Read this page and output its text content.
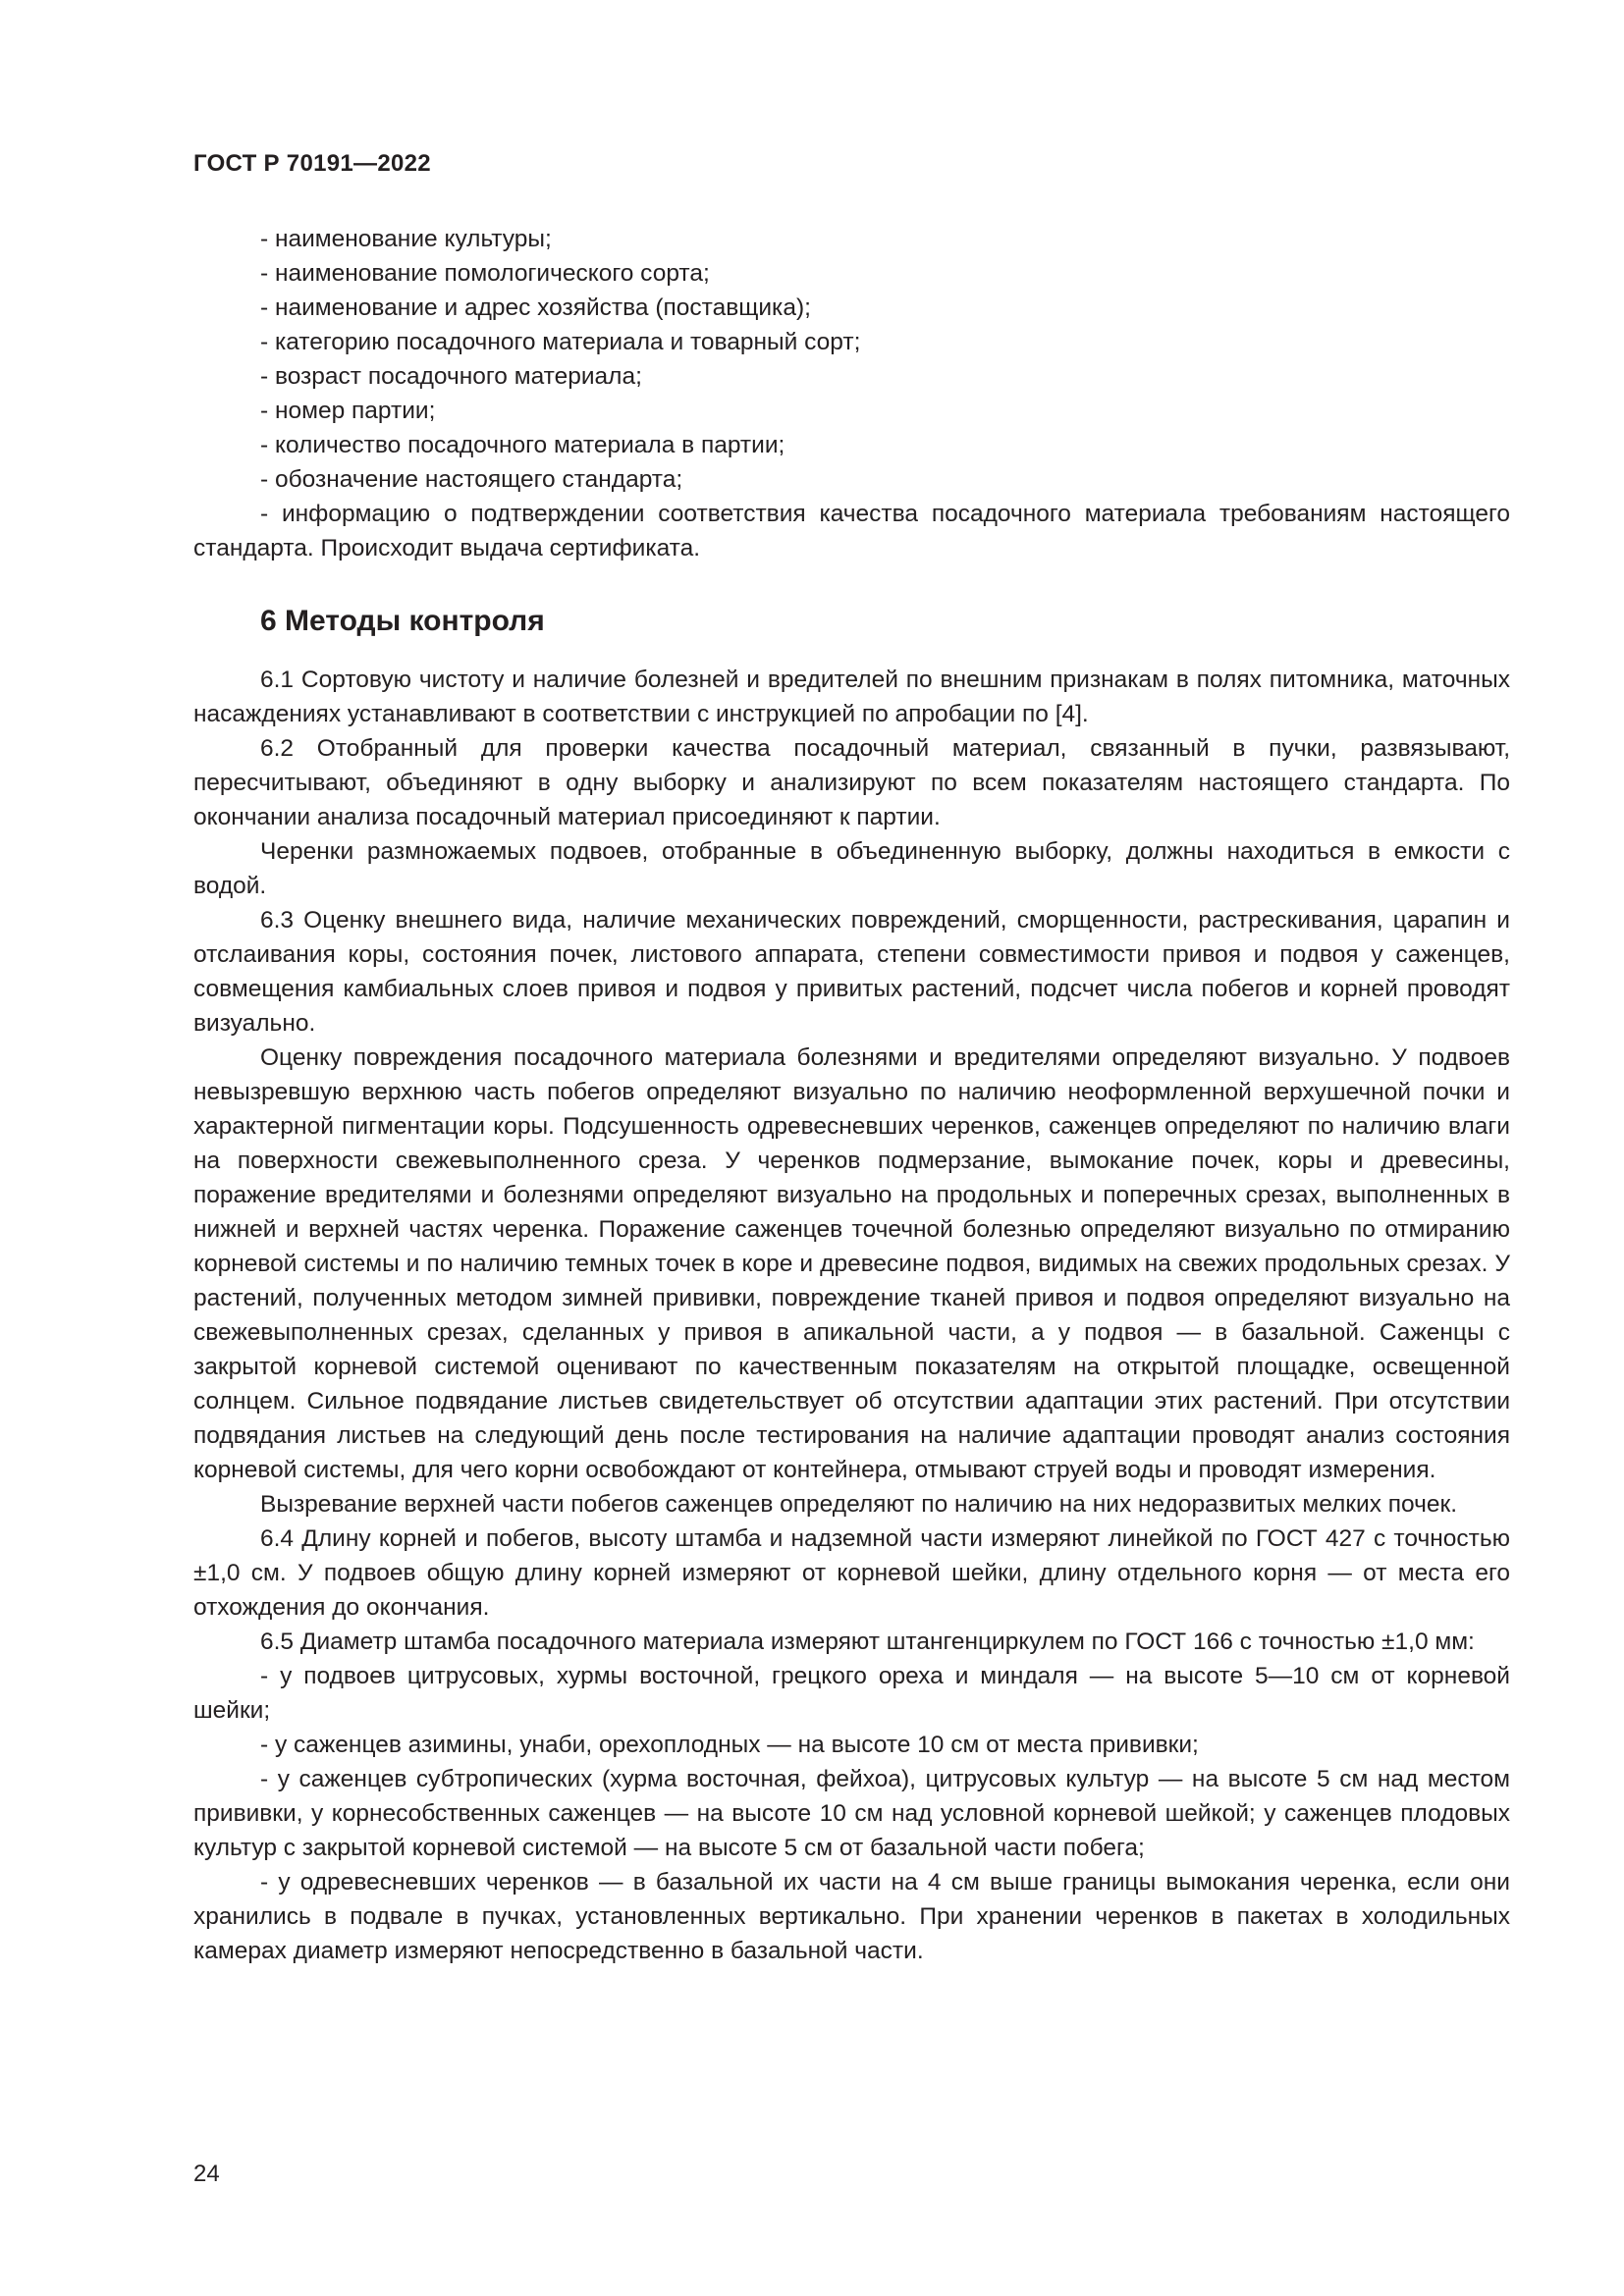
ГОСТ Р 70191—2022

- наименование культуры;

- наименование помологического сорта;

- наименование и адрес хозяйства (поставщика);

- категорию посадочного материала и товарный сорт;

- возраст посадочного материала;

- номер партии;

- количество посадочного материала в партии;

- обозначение настоящего стандарта;

- информацию о подтверждении соответствия качества посадочного материала требованиям настоящего стандарта. Происходит выдача сертификата.

6 Методы контроля

6.1 Сортовую чистоту и наличие болезней и вредителей по внешним признакам в полях питомника, маточных насаждениях устанавливают в соответствии с инструкцией по апробации по [4].

6.2 Отобранный для проверки качества посадочный материал, связанный в пучки, развязывают, пересчитывают, объединяют в одну выборку и анализируют по всем показателям настоящего стандарта. По окончании анализа посадочный материал присоединяют к партии.

Черенки размножаемых подвоев, отобранные в объединенную выборку, должны находиться в емкости с водой.

6.3 Оценку внешнего вида, наличие механических повреждений, сморщенности, растрескивания, царапин и отслаивания коры, состояния почек, листового аппарата, степени совместимости привоя и подвоя у саженцев, совмещения камбиальных слоев привоя и подвоя у привитых растений, подсчет числа побегов и корней проводят визуально.

Оценку повреждения посадочного материала болезнями и вредителями определяют визуально. У подвоев невызревшую верхнюю часть побегов определяют визуально по наличию неоформленной верхушечной почки и характерной пигментации коры. Подсушенность одревесневших черенков, саженцев определяют по наличию влаги на поверхности свежевыполненного среза. У черенков подмерзание, вымокание почек, коры и древесины, поражение вредителями и болезнями определяют визуально на продольных и поперечных срезах, выполненных в нижней и верхней частях черенка. Поражение саженцев точечной болезнью определяют визуально по отмиранию корневой системы и по наличию темных точек в коре и древесине подвоя, видимых на свежих продольных срезах. У растений, полученных методом зимней прививки, повреждение тканей привоя и подвоя определяют визуально на свежевыполненных срезах, сделанных у привоя в апикальной части, а у подвоя — в базальной. Саженцы с закрытой корневой системой оценивают по качественным показателям на открытой площадке, освещенной солнцем. Сильное подвядание листьев свидетельствует об отсутствии адаптации этих растений. При отсутствии подвядания листьев на следующий день после тестирования на наличие адаптации проводят анализ состояния корневой системы, для чего корни освобождают от контейнера, отмывают струей воды и проводят измерения.

Вызревание верхней части побегов саженцев определяют по наличию на них недоразвитых мелких почек.

6.4 Длину корней и побегов, высоту штамба и надземной части измеряют линейкой по ГОСТ 427 с точностью ±1,0 см. У подвоев общую длину корней измеряют от корневой шейки, длину отдельного корня — от места его отхождения до окончания.

6.5 Диаметр штамба посадочного материала измеряют штангенциркулем по ГОСТ 166 с точностью ±1,0 мм:

- у подвоев цитрусовых, хурмы восточной, грецкого ореха и миндаля — на высоте 5—10 см от корневой шейки;

- у саженцев азимины, унаби, орехоплодных — на высоте 10 см от места прививки;

- у саженцев субтропических (хурма восточная, фейхоа), цитрусовых культур — на высоте 5 см над местом прививки, у корнесобственных саженцев — на высоте 10 см над условной корневой шейкой; у саженцев плодовых культур с закрытой корневой системой — на высоте 5 см от базальной части побега;

- у одревесневших черенков — в базальной их части на 4 см выше границы вымокания черенка, если они хранились в подвале в пучках, установленных вертикально. При хранении черенков в пакетах в холодильных камерах диаметр измеряют непосредственно в базальной части.

24
